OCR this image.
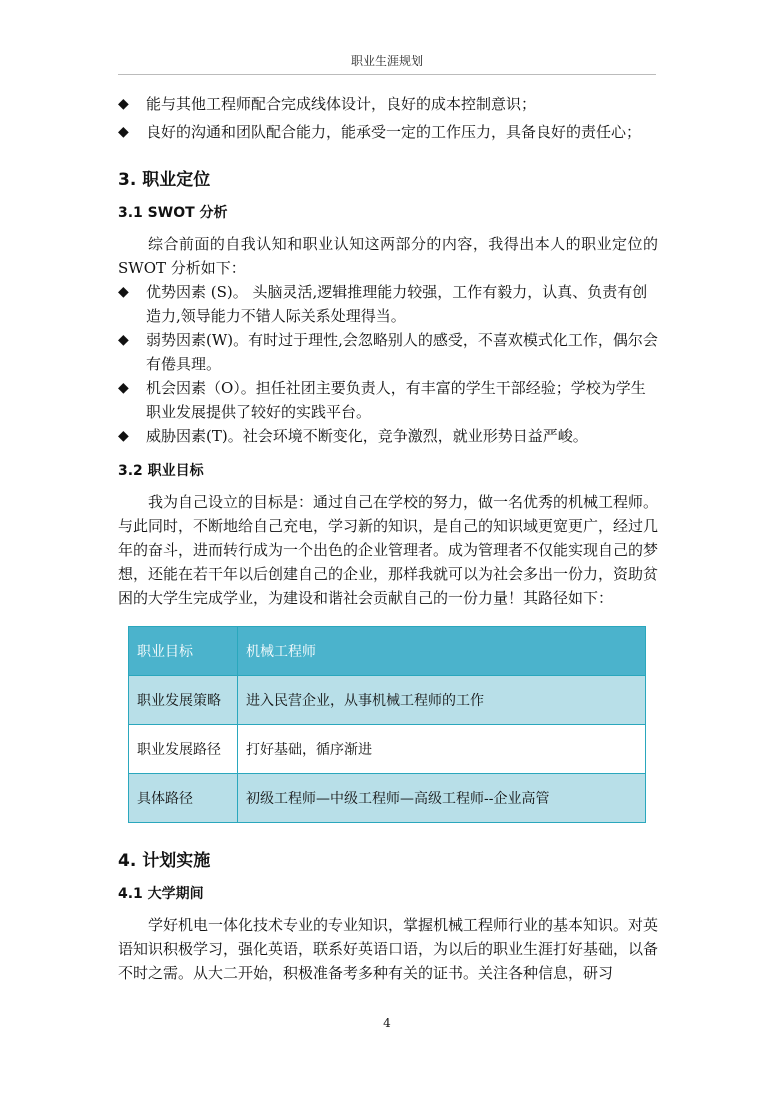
职业生涯规划
◆ 能与其他工程师配合完成线体设计，良好的成本控制意识；
◆ 良好的沟通和团队配合能力，能承受一定的工作压力，具备良好的责任心；
3. 职业定位
3.1 SWOT 分析

综合前面的自我认知和职业认知这两部分的内容，我得出本人的职业定位的SWOT 分析如下：

◆ 优势因素 (S)。 头脑灵活,逻辑推理能力较强，工作有毅力，认真、负责有创造力,领导能力不错人际关系处理得当。
◆ 弱势因素(W)。有时过于理性,会忽略别人的感受，不喜欢模式化工作，偶尔会有倦具理。
◆ 机会因素（O）。担任社团主要负责人，有丰富的学生干部经验；学校为学生职业发展提供了较好的实践平台。
◆ 威胁因素(T)。社会环境不断变化，竞争激烈，就业形势日益严峻。
3.2 职业目标

我为自己设立的目标是：通过自己在学校的努力，做一名优秀的机械工程师。与此同时，不断地给自己充电，学习新的知识，是自己的知识域更宽更广，经过几年的奋斗，进而转行成为一个出色的企业管理者。成为管理者不仅能实现自己的梦想，还能在若干年以后创建自己的企业，那样我就可以为社会多出一份力，资助贫困的大学生完成学业，为建设和谐社会贡献自己的一份力量！其路径如下：

职业目标	机械工程师
职业发展策略	进入民营企业，从事机械工程师的工作
职业发展路径	打好基础，循序渐进
具体路径	初级工程师—中级工程师—高级工程师--企业高管
4. 计划实施
4.1 大学期间

学好机电一体化技术专业的专业知识，掌握机械工程师行业的基本知识。对英语知识积极学习，强化英语，联系好英语口语，为以后的职业生涯打好基础，以备不时之需。从大二开始，积极准备考多种有关的证书。关注各种信息，研习

4
